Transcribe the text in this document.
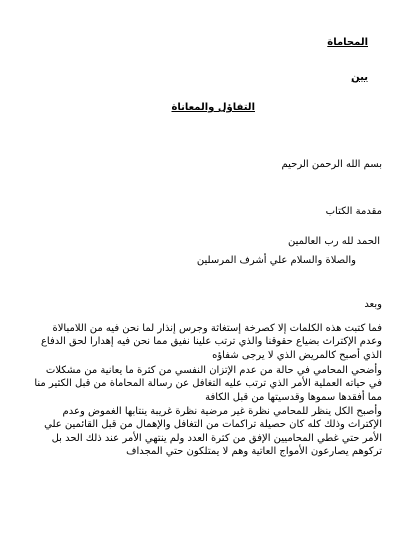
المحاماة
بين
التفاؤل والمعاناة
بسم الله الرحمن الرحيم
مقدمة الكتاب
الحمد لله رب العالمين
والصلاة والسلام علي أشرف المرسلين
وبعد
فما كتبت هذه الكلمات إلا كصرخة إستغاثة وجرس إنذار لما نحن فيه من اللامبالاة وعدم الإكتراث بضياع حقوقنا والذي ترتب علينا نفيق مما نحن فيه إهدارا لحق الدفاع الذي أصبح كالمريض الذي لا يرجى شفاؤه
وأضحي المحامي في حالة من عدم الإتزان النفسي من كثرة ما يعانية من مشكلات في حياته العملية الأمر الذي ترتب عليه التغافل عن رسالة المحاماة من قبل الكثير منا مما أفقدها سموها وقدسيتها من قبل الكافة
وأصبح الكل ينظر للمحامي نظرة غير مرضية نظرة غريبة ينتابها الغموض وعدم الإكتراث وذلك كله كان حصيلة تراكمات من التغافل والإهمال من قبل القائمين علي الأمر حتي غطي المحاميين الإفق من كثرة العدد ولم ينتهي الأمر عند ذلك الحد بل تركوهم يصارعون الأمواج العاتية وهم لا يمتلكون حتي المجداف
